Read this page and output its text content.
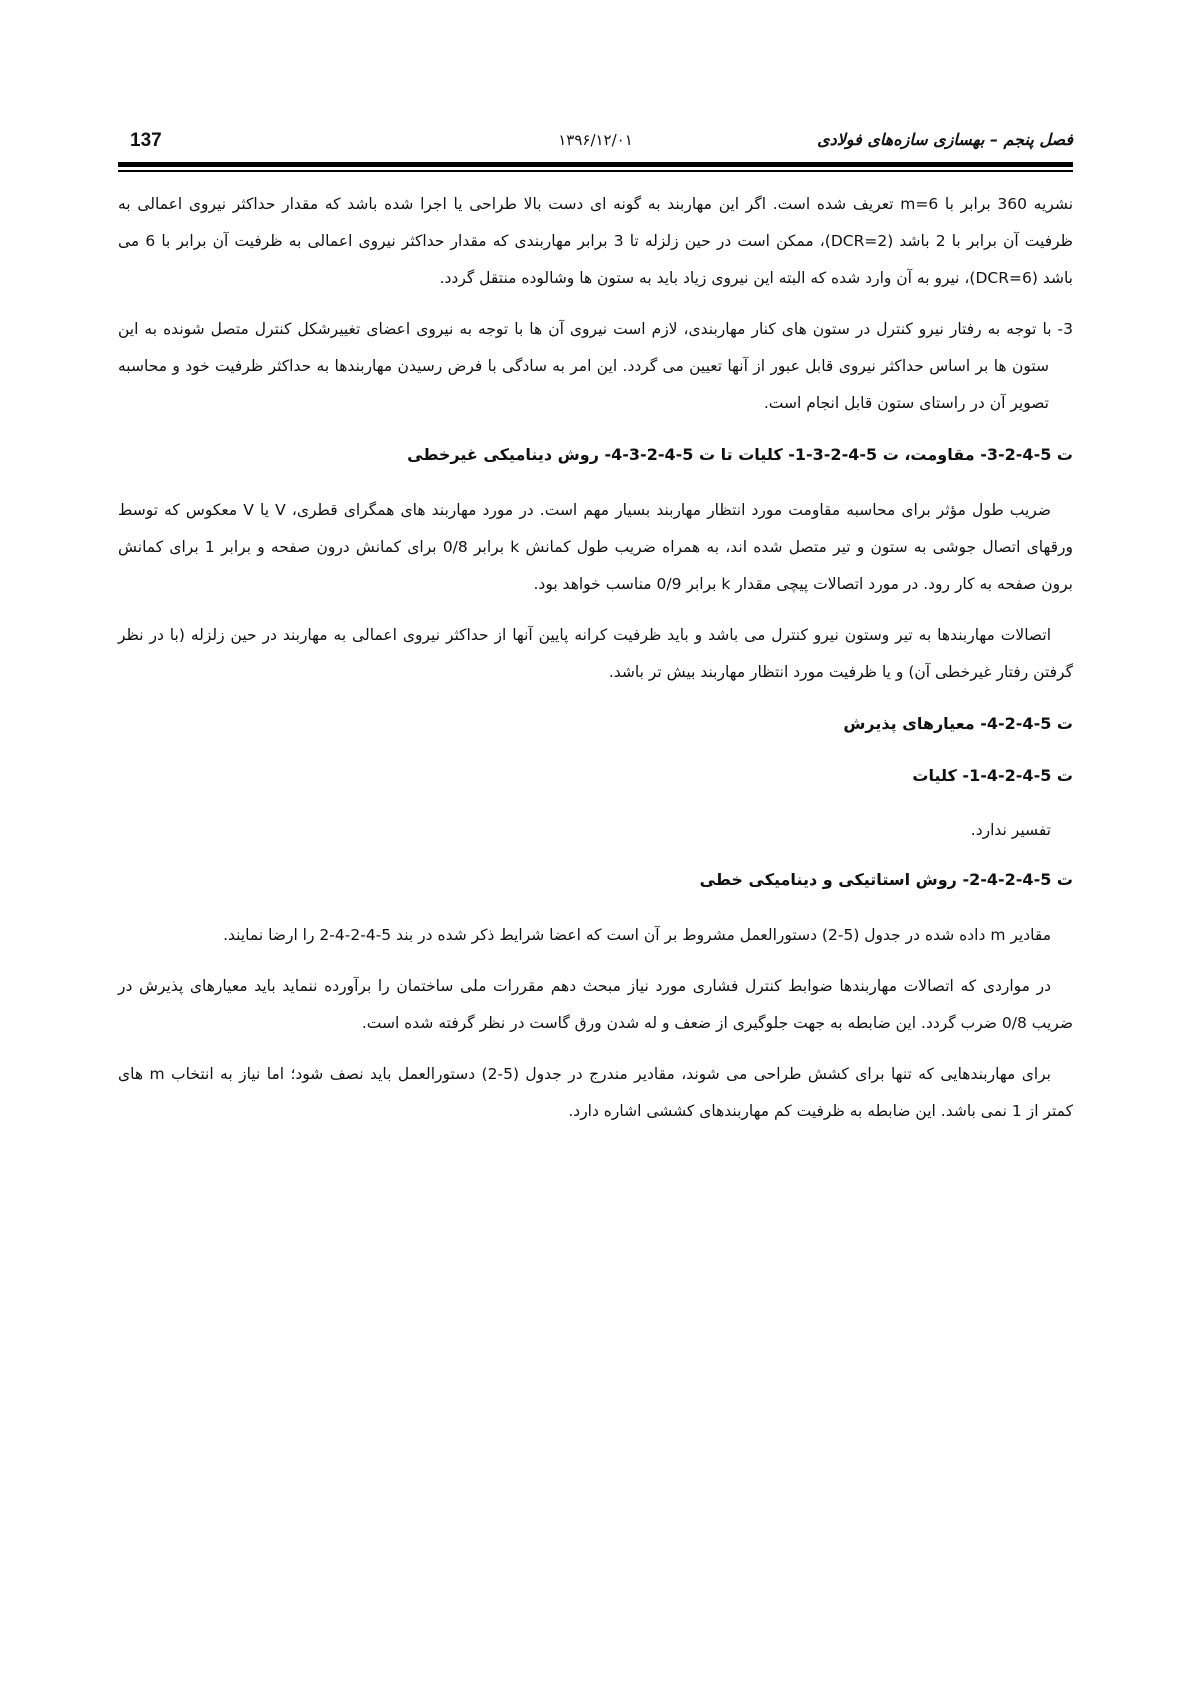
فصل پنجم – بهسازی سازه‌های فولادی
۱۳۹۶/۱۲/۰۱
137

نشریه 360 برابر با m=6 تعریف شده است. اگر این مهاربند به گونه ای دست بالا طراحی یا اجرا شده باشد که مقدار حداکثر نیروی اعمالی به ظرفیت آن برابر با 2 باشد (DCR=2)، ممکن است در حین زلزله تا 3 برابر مهاربندی که مقدار حداکثر نیروی اعمالی به ظرفیت آن برابر با 6 می باشد (DCR=6)، نیرو به آن وارد شده که البته این نیروی زیاد باید به ستون ها وشالوده منتقل گردد.

3- با توجه به رفتار نیرو کنترل در ستون های کنار مهاربندی، لازم است نیروی آن ها با توجه به نیروی اعضای تغییرشکل کنترل متصل شونده به این ستون ها بر اساس حداکثر نیروی قابل عبور از آنها تعیین می گردد. این امر به سادگی با فرض رسیدن مهاربندها به حداکثر ظرفیت خود و محاسبه تصویر آن در راستای ستون قابل انجام است.

ت 5-4-2-3- مقاومت، ت 5-4-2-3-1- کلیات تا ت 5-4-2-3-4- روش دینامیکی غیرخطی

ضریب طول مؤثر برای محاسبه مقاومت مورد انتظار مهاربند بسیار مهم است. در مورد مهاربند های همگرای قطری، V یا V معکوس که توسط ورقهای اتصال جوشی به ستون و تیر متصل شده اند، به همراه ضریب طول کمانش k برابر 0/8 برای کمانش درون صفحه و برابر 1 برای کمانش برون صفحه به کار رود. در مورد اتصالات پیچی مقدار k برابر 0/9 مناسب خواهد بود.

اتصالات مهاربندها به تیر وستون نیرو کنترل می باشد و باید ظرفیت کرانه پایین آنها از حداکثر نیروی اعمالی به مهاربند در حین زلزله (با در نظر گرفتن رفتار غیرخطی آن) و یا ظرفیت مورد انتظار مهاربند بیش تر باشد.

ت 5-4-2-4- معیارهای پذیرش
ت 5-4-2-4-1- کلیات

تفسیر ندارد.

ت 5-4-2-4-2- روش استاتیکی و دینامیکی خطی

مقادیر m داده شده در جدول (5-2) دستورالعمل مشروط بر آن است که اعضا شرایط ذکر شده در بند 5-4-2-4-2 را ارضا نمایند.

در مواردی که اتصالات مهاربندها ضوابط کنترل فشاری مورد نیاز مبحث دهم مقررات ملی ساختمان را برآورده ننماید باید معیارهای پذیرش در ضریب 0/8 ضرب گردد. این ضابطه به جهت جلوگیری از ضعف و له شدن ورق گاست در نظر گرفته شده است.

برای مهاربندهایی که تنها برای کشش طراحی می شوند، مقادیر مندرج در جدول (5-2) دستورالعمل باید نصف شود؛ اما نیاز به انتخاب m های کمتر از 1 نمی باشد. این ضابطه به ظرفیت کم مهاربندهای کششی اشاره دارد.
